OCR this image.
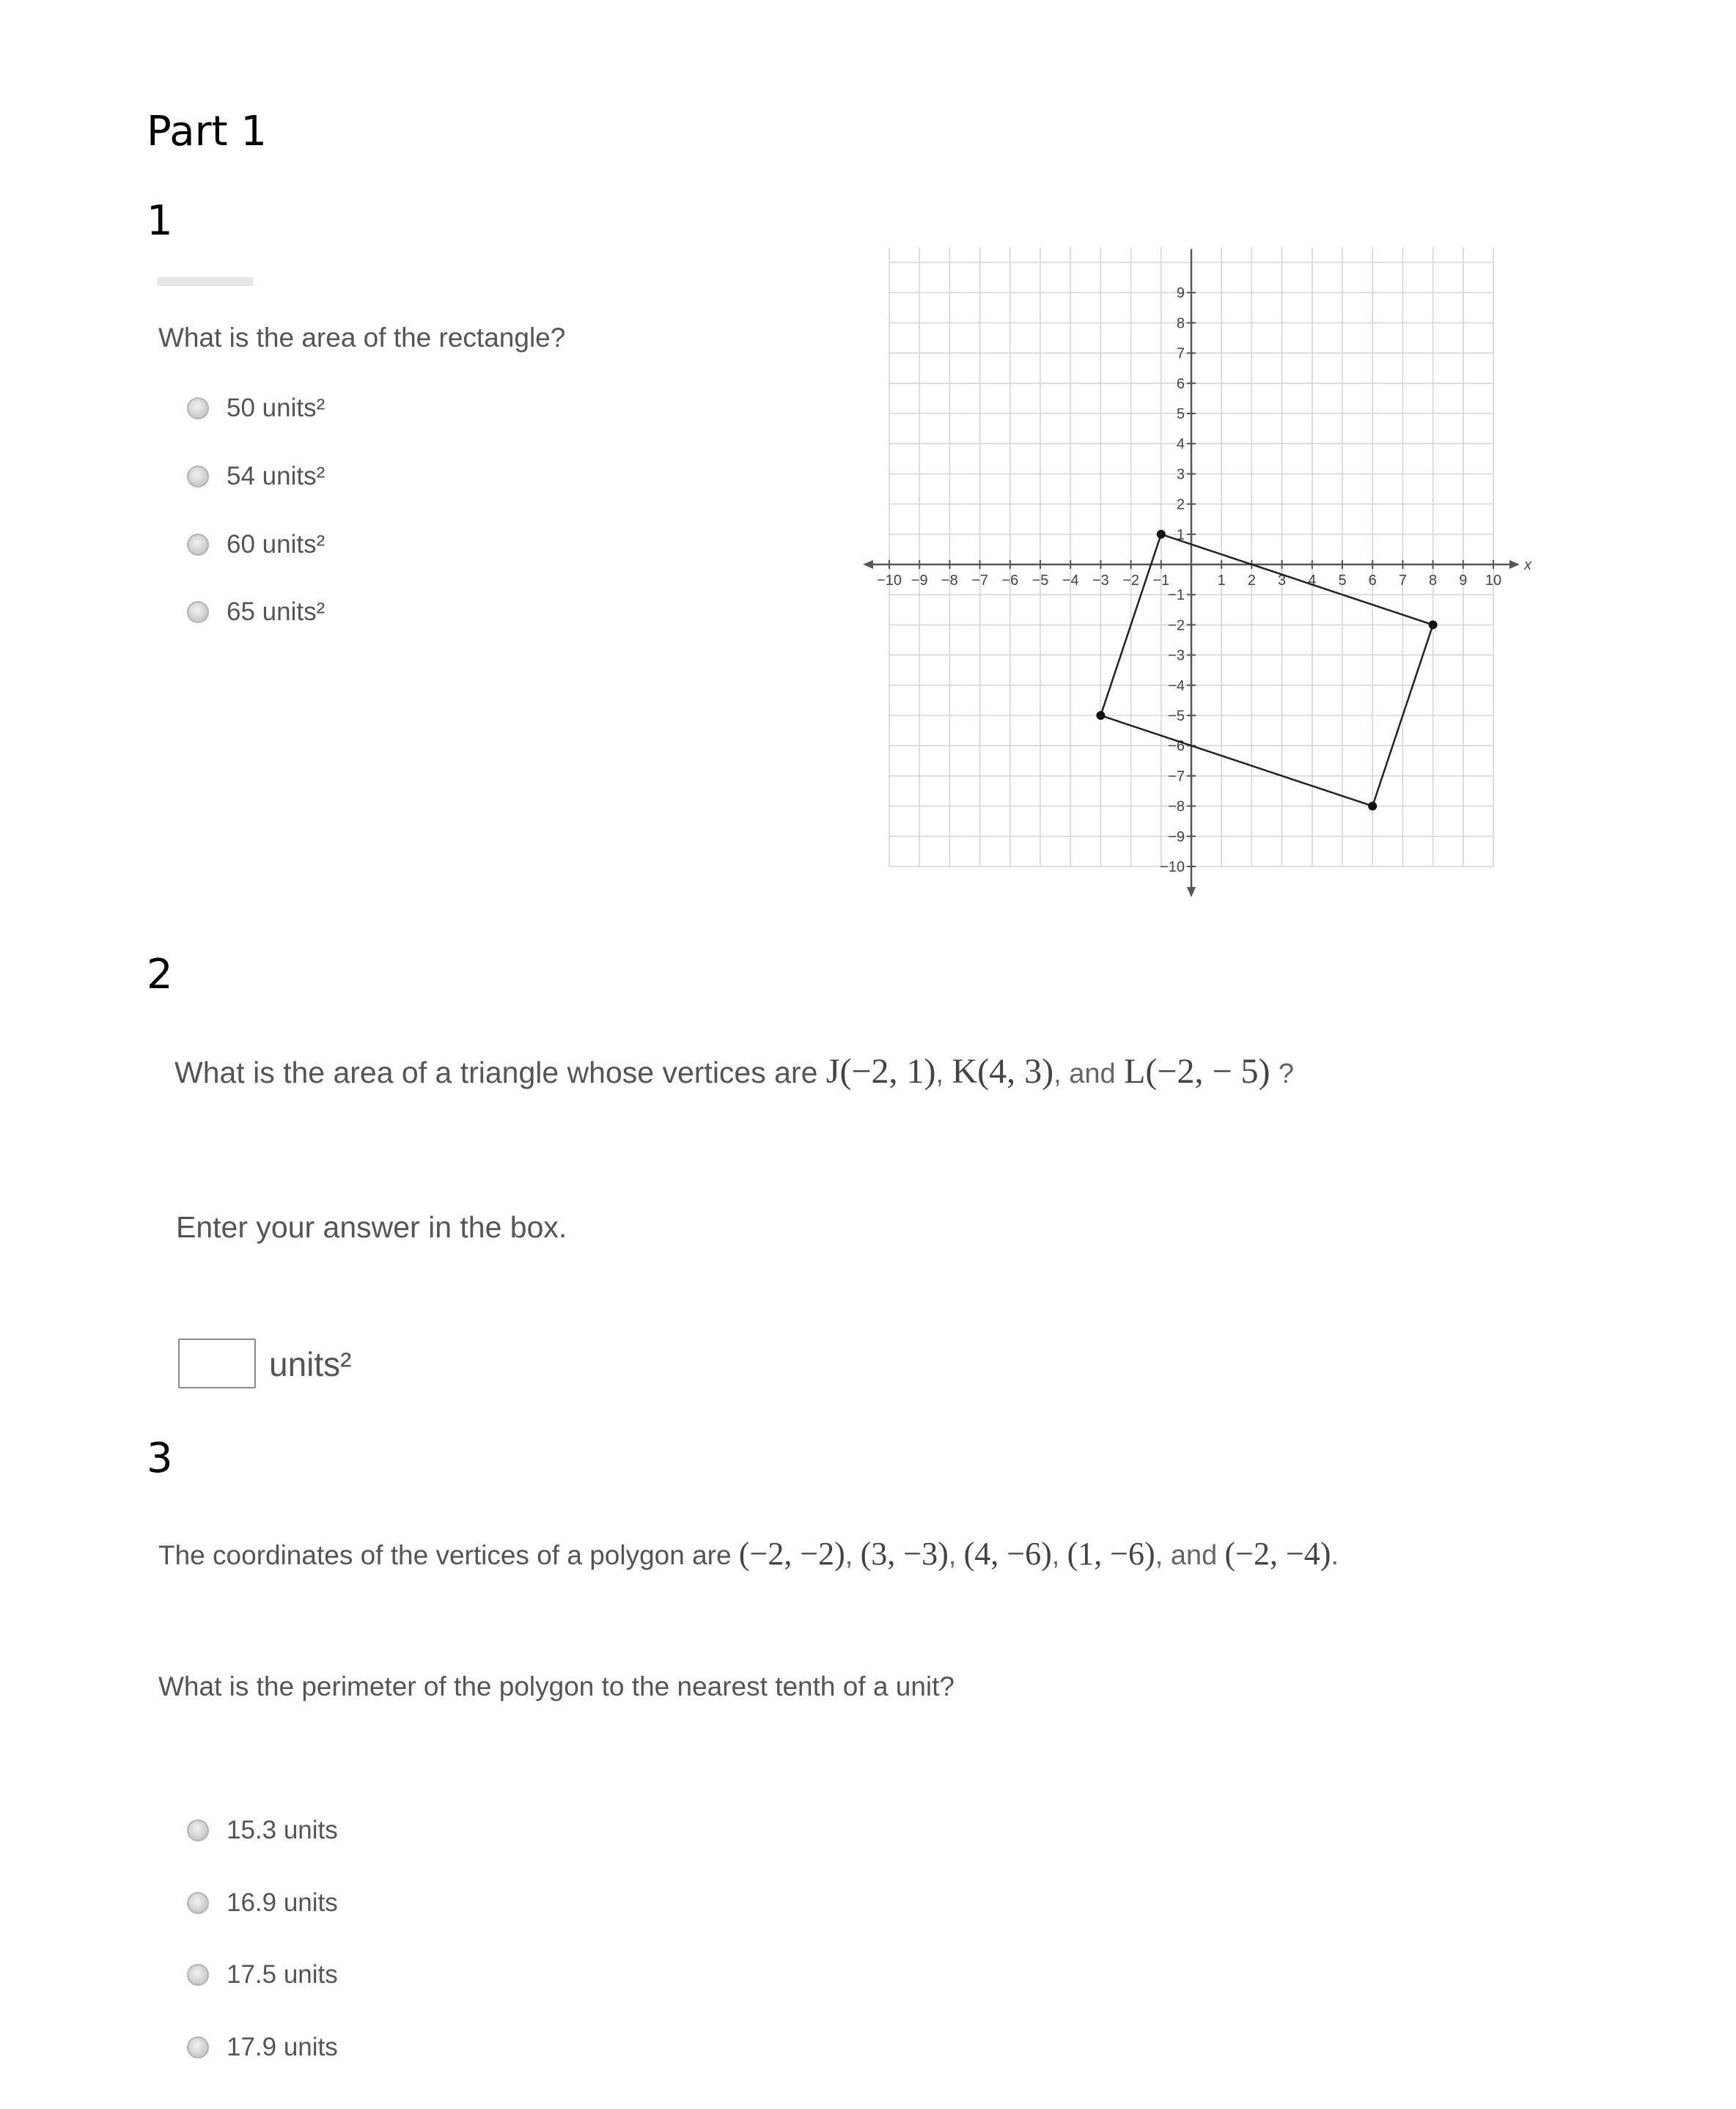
Part 1
1
What is the area of the rectangle?
50 units²
54 units²
60 units²
65 units²
−10 −9 −8 −7 −6 −5 −4 −3 −2 −1	1 2 3 4 5 6 7 8 9 10
9
8
7
6
5
4
3
2
1
−1
−2
−3
−4
−5
−6
−7
−8
−9
−10
x
2
What is the area of a triangle whose vertices are J(−2, 1), K(4, 3), and L(−2, − 5) ?
Enter your answer in the box.
units²
3
The coordinates of the vertices of a polygon are (−2, −2), (3, −3), (4, −6), (1, −6), and (−2, −4).
What is the perimeter of the polygon to the nearest tenth of a unit?
15.3 units
16.9 units
17.5 units
17.9 units
